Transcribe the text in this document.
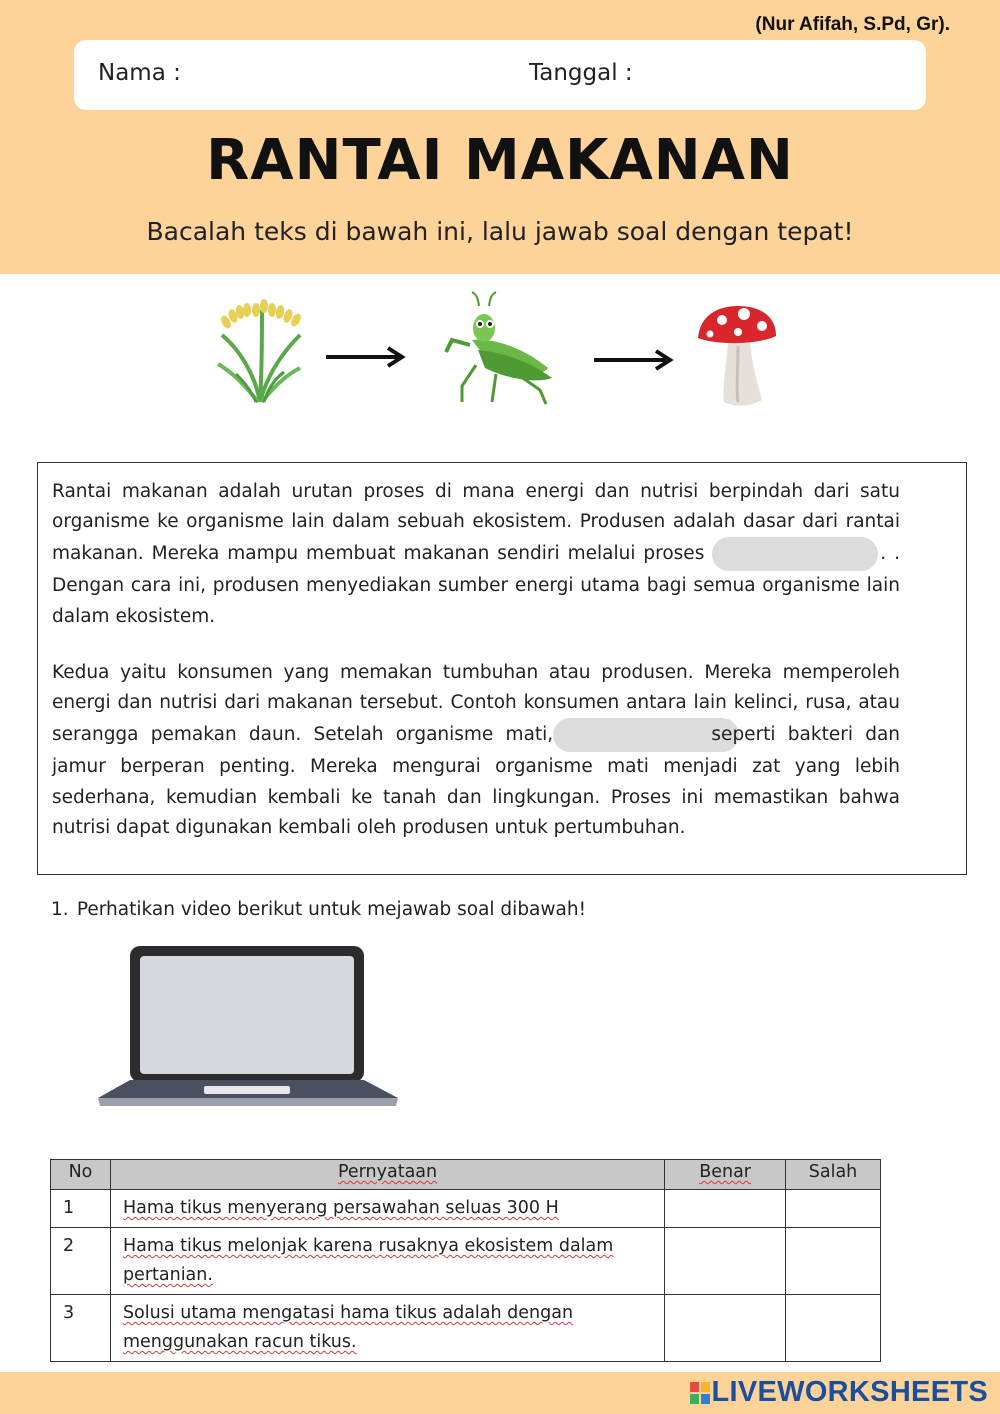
(Nur Afifah, S.Pd, Gr).
Nama :	Tanggal :
RANTAI MAKANAN
Bacalah teks di bawah ini, lalu jawab soal dengan tepat!

Rantai makanan adalah urutan proses di mana energi dan nutrisi berpindah dari satu organisme ke organisme lain dalam sebuah ekosistem. Produsen adalah dasar dari rantai makanan. Mereka mampu membuat makanan sendiri melalui proses	. . Dengan cara ini, produsen menyediakan sumber energi utama bagi semua organisme lain dalam ekosistem.

Kedua yaitu konsumen yang memakan tumbuhan atau produsen. Mereka memperoleh energi dan nutrisi dari makanan tersebut. Contoh konsumen antara lain kelinci, rusa, atau serangga pemakan daun. Setelah organisme mati,	seperti bakteri dan jamur berperan penting. Mereka mengurai organisme mati menjadi zat yang lebih sederhana, kemudian kembali ke tanah dan lingkungan. Proses ini memastikan bahwa nutrisi dapat digunakan kembali oleh produsen untuk pertumbuhan.

1. Perhatikan video berikut untuk mejawab soal dibawah!
No	Pernyataan	Benar	Salah
1	Hama tikus menyerang persawahan seluas 300 H		
2	Hama tikus melonjak karena rusaknya ekosistem dalam pertanian.		
3	Solusi utama mengatasi hama tikus adalah dengan menggunakan racun tikus.		
LIVEWORKSHEETS
